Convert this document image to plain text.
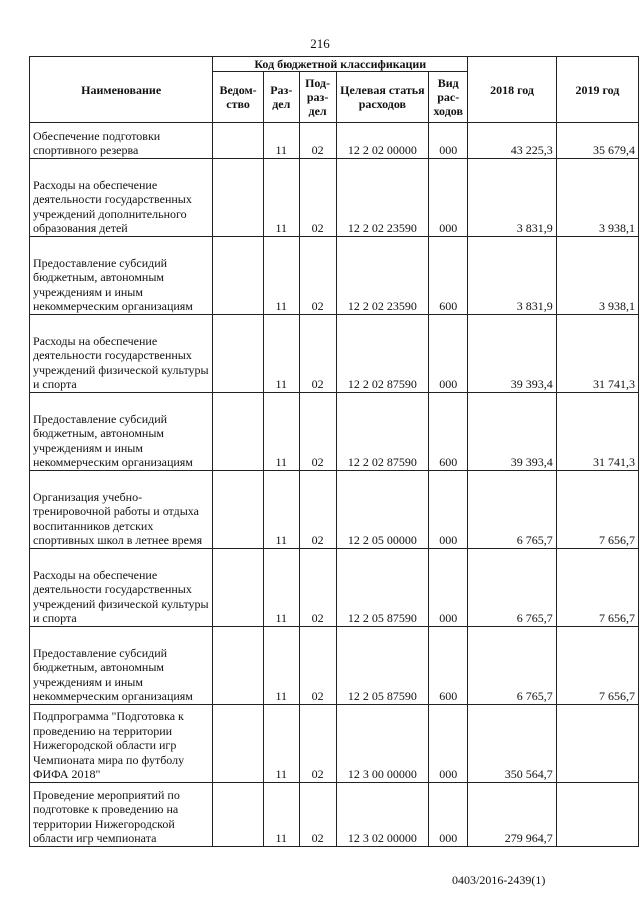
216
Наименование	Код бюджетной классификации					2018 год	2019 год
	Ведом-ство	Раз-дел	Под-раз-дел	Целевая статья расходов	Вид рас-ходов		
Обеспечение подготовки спортивного резерва		11	02	12 2 02 00000	000	43 225,3	35 679,4
Расходы на обеспечение деятельности государственных учреждений дополнительного образования детей		11	02	12 2 02 23590	000	3 831,9	3 938,1
Предоставление субсидий бюджетным, автономным учреждениям и иным некоммерческим организациям		11	02	12 2 02 23590	600	3 831,9	3 938,1
Расходы на обеспечение деятельности государственных учреждений физической культуры и спорта		11	02	12 2 02 87590	000	39 393,4	31 741,3
Предоставление субсидий бюджетным, автономным учреждениям и иным некоммерческим организациям		11	02	12 2 02 87590	600	39 393,4	31 741,3
Организация учебно-тренировочной работы и отдыха воспитанников детских спортивных школ в летнее время		11	02	12 2 05 00000	000	6 765,7	7 656,7
Расходы на обеспечение деятельности государственных учреждений физической культуры и спорта		11	02	12 2 05 87590	000	6 765,7	7 656,7
Предоставление субсидий бюджетным, автономным учреждениям и иным некоммерческим организациям		11	02	12 2 05 87590	600	6 765,7	7 656,7
Подпрограмма "Подготовка к проведению на территории Нижегородской области игр Чемпионата мира по футболу ФИФА 2018"		11	02	12 3 00 00000	000	350 564,7	
Проведение мероприятий по подготовке к проведению на территории Нижегородской области игр чемпионата		11	02	12 3 02 00000	000	279 964,7	
0403/2016-2439(1)
